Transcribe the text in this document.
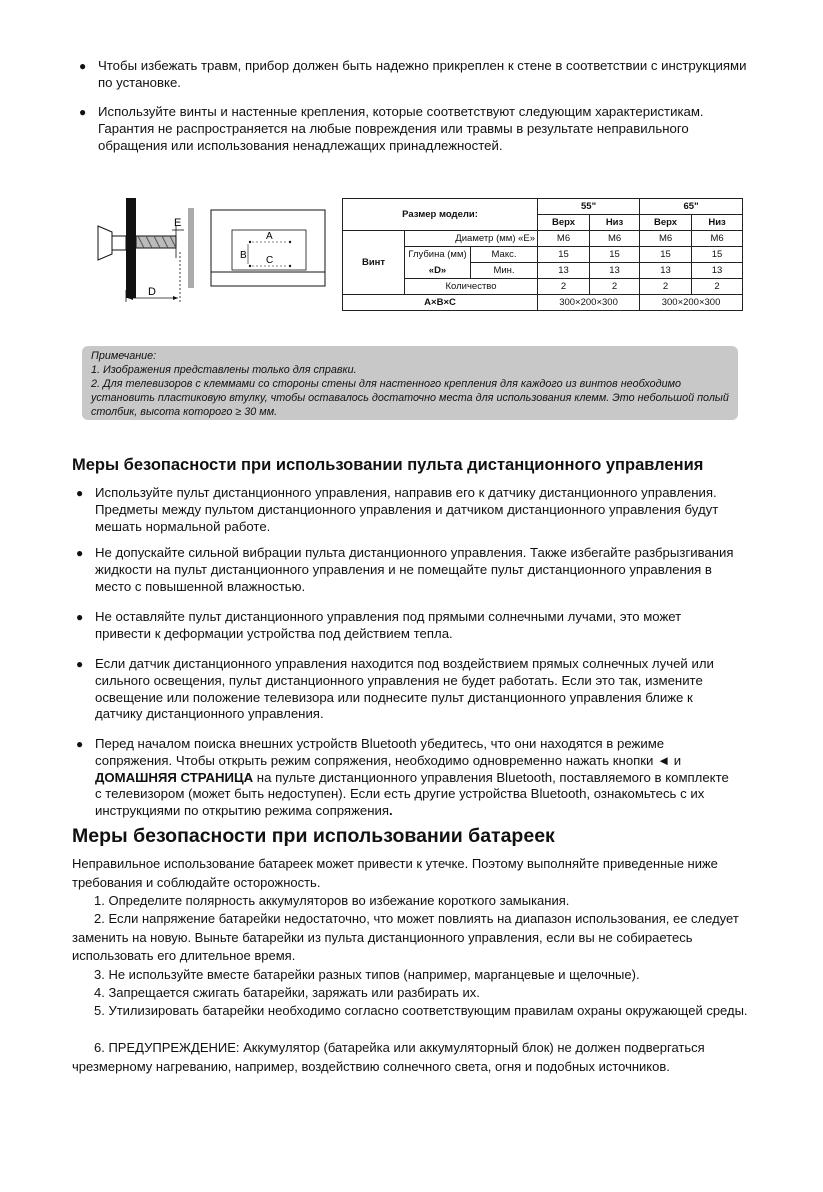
● Чтобы избежать травм, прибор должен быть надежно прикреплен к стене в соответствии с инструкциями по установке.
● Используйте винты и настенные крепления, которые соответствуют следующим характеристикам. Гарантия не распространяется на любые повреждения или травмы в результате неправильного обращения или использования ненадлежащих принадлежностей.
E
D
A
B C
Размер модели:			55"		65"	
			Верх	Низ	Верх	Низ
Винт	Диаметр (мм) «E»		M6	M6	M6	M6
	Глубина (мм)	Макс.	15	15	15	15
	«D»	Мин.	13	13	13	13
	Количество		2	2	2	2
A×B×C			300×200×300		300×200×300	
Примечание:
1. Изображения представлены только для справки.
2. Для телевизоров с клеммами со стороны стены для настенного крепления для каждого из винтов необходимо установить пластиковую втулку, чтобы оставалось достаточно места для использования клемм. Это небольшой полый столбик, высота которого ≥ 30 мм.
Меры безопасности при использовании пульта дистанционного управления
● Используйте пульт дистанционного управления, направив его к датчику дистанционного управления. Предметы между пультом дистанционного управления и датчиком дистанционного управления будут мешать нормальной работе.
● Не допускайте сильной вибрации пульта дистанционного управления. Также избегайте разбрызгивания жидкости на пульт дистанционного управления и не помещайте пульт дистанционного управления в место с повышенной влажностью.
● Не оставляйте пульт дистанционного управления под прямыми солнечными лучами, это может привести к деформации устройства под действием тепла.
● Если датчик дистанционного управления находится под воздействием прямых солнечных лучей или сильного освещения, пульт дистанционного управления не будет работать. Если это так, измените освещение или положение телевизора или поднесите пульт дистанционного управления ближе к датчику дистанционного управления.
● Перед началом поиска внешних устройств Bluetooth убедитесь, что они находятся в режиме сопряжения. Чтобы открыть режим сопряжения, необходимо одновременно нажать кнопки ◄ и ДОМАШНЯЯ СТРАНИЦА на пульте дистанционного управления Bluetooth, поставляемого в комплекте с телевизором (может быть недоступен). Если есть другие устройства Bluetooth, ознакомьтесь с их инструкциями по открытию режима сопряжения.
Меры безопасности при использовании батареек
Неправильное использование батареек может привести к утечке. Поэтому выполняйте приведенные ниже требования и соблюдайте осторожность.
1. Определите полярность аккумуляторов во избежание короткого замыкания.
2. Если напряжение батарейки недостаточно, что может повлиять на диапазон использования, ее следует заменить на новую. Выньте батарейки из пульта дистанционного управления, если вы не собираетесь использовать его длительное время.
3. Не используйте вместе батарейки разных типов (например, марганцевые и щелочные).
4. Запрещается сжигать батарейки, заряжать или разбирать их.
5. Утилизировать батарейки необходимо согласно соответствующим правилам охраны окружающей среды.
6. ПРЕДУПРЕЖДЕНИЕ: Аккумулятор (батарейка или аккумуляторный блок) не должен подвергаться чрезмерному нагреванию, например, воздействию солнечного света, огня и подобных источников.
